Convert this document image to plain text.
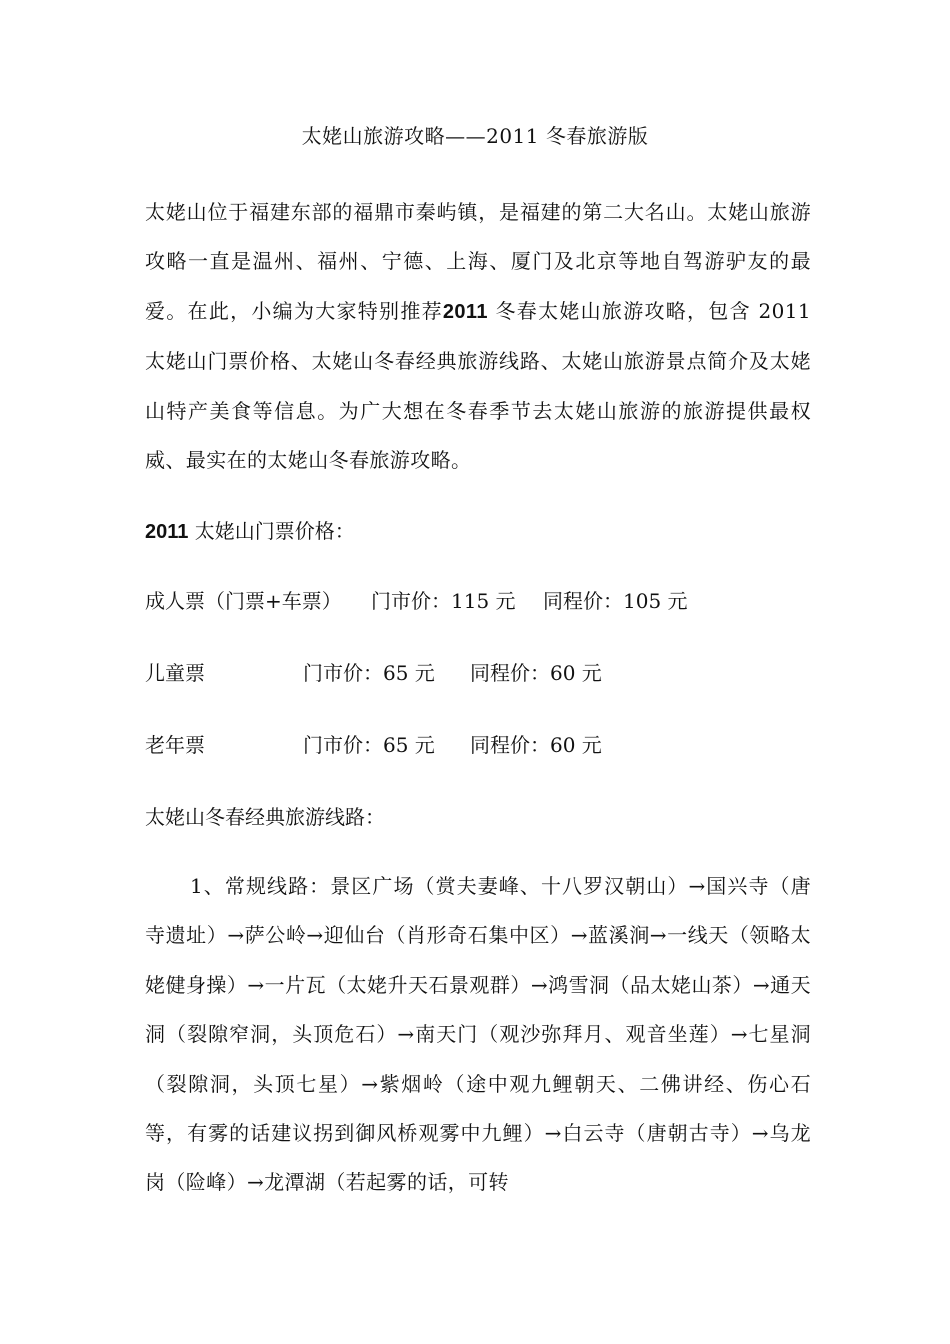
太姥山旅游攻略——2011 冬春旅游版
太姥山位于福建东部的福鼎市秦屿镇，是福建的第二大名山。太姥山旅游攻略一直是温州、福州、宁德、上海、厦门及北京等地自驾游驴友的最爱。在此，小编为大家特别推荐2011 冬春太姥山旅游攻略，包含 2011 太姥山门票价格、太姥山冬春经典旅游线路、太姥山旅游景点简介及太姥山特产美食等信息。为广大想在冬春季节去太姥山旅游的旅游提供最权威、最实在的太姥山冬春旅游攻略。
2011 太姥山门票价格：
成人票（门票+车票） 门市价：115 元 同程价：105 元
儿童票	门市价：65 元 同程价：60 元
老年票	门市价：65 元 同程价：60 元
太姥山冬春经典旅游线路：
1、常规线路：景区广场（赏夫妻峰、十八罗汉朝山）→国兴寺（唐寺遗址）→萨公岭→迎仙台（肖形奇石集中区）→蓝溪涧→一线天（领略太姥健身操）→一片瓦（太姥升天石景观群）→鸿雪洞（品太姥山茶）→通天洞（裂隙窄洞，头顶危石）→南天门（观沙弥拜月、观音坐莲）→七星洞（裂隙洞，头顶七星）→紫烟岭（途中观九鲤朝天、二佛讲经、伤心石等，有雾的话建议拐到御风桥观雾中九鲤）→白云寺（唐朝古寺）→乌龙岗（险峰）→龙潭湖（若起雾的话，可转
